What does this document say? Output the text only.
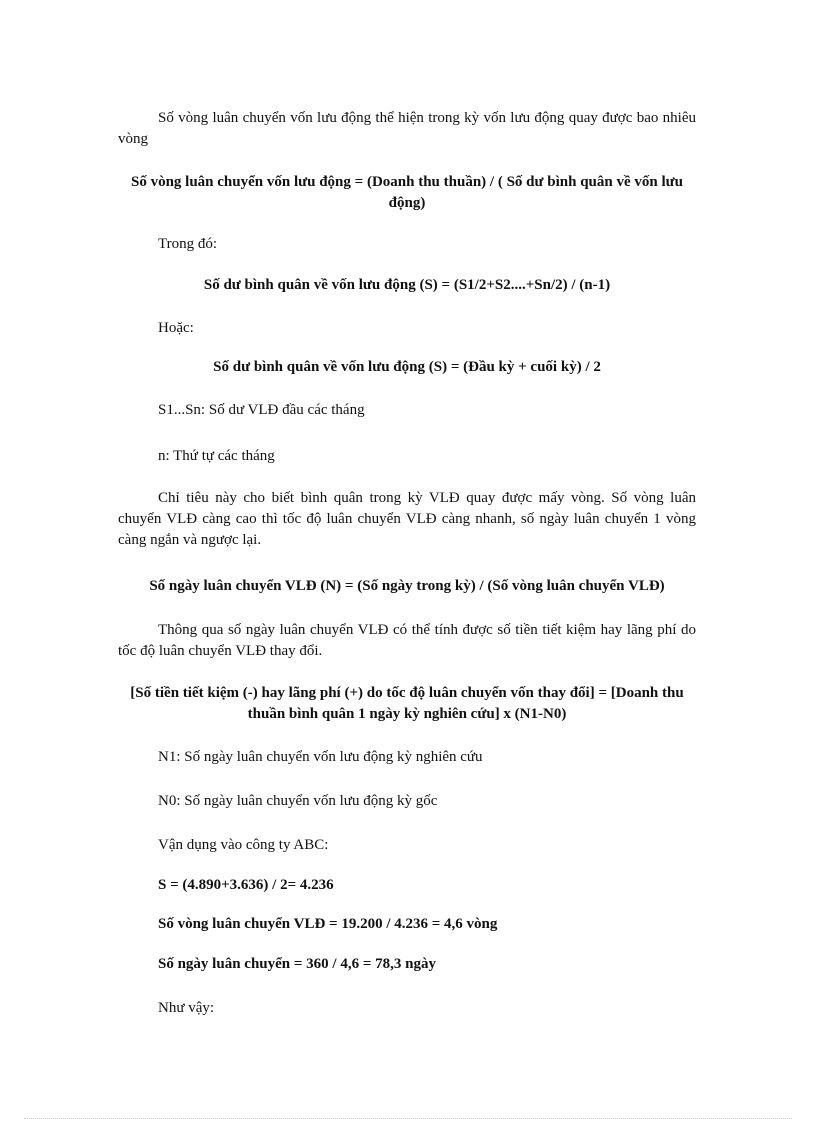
Số vòng luân chuyển vốn lưu động thể hiện trong kỳ vốn lưu động quay được bao nhiêu vòng

Số vòng luân chuyển vốn lưu động = (Doanh thu thuần) / ( Số dư bình quân về vốn lưu động)

Trong đó:

Số dư bình quân về vốn lưu động (S) = (S1/2+S2....+Sn/2) / (n-1)

Hoặc:

Số dư bình quân về vốn lưu động (S) = (Đầu kỳ + cuối kỳ) / 2

S1...Sn: Số dư VLĐ đầu các tháng

n: Thứ tự các tháng

Chỉ tiêu này cho biết bình quân trong kỳ VLĐ quay được mấy vòng. Số vòng luân chuyển VLĐ càng cao thì tốc độ luân chuyển VLĐ càng nhanh, số ngày luân chuyển 1 vòng càng ngắn và ngược lại.

Số ngày luân chuyển VLĐ (N) = (Số ngày trong kỳ) / (Số vòng luân chuyển VLĐ)

Thông qua số ngày luân chuyển VLĐ có thể tính được số tiền tiết kiệm hay lãng phí do tốc độ luân chuyển VLĐ thay đổi.

[Số tiền tiết kiệm (-) hay lãng phí (+) do tốc độ luân chuyển vốn thay đổi] = [Doanh thu thuần bình quân 1 ngày kỳ nghiên cứu] x (N1-N0)

N1: Số ngày luân chuyển vốn lưu động kỳ nghiên cứu

N0: Số ngày luân chuyển vốn lưu động kỳ gốc

Vận dụng vào công ty ABC:

S = (4.890+3.636) / 2= 4.236

Số vòng luân chuyển VLĐ = 19.200 / 4.236 = 4,6 vòng

Số ngày luân chuyển = 360 / 4,6 = 78,3 ngày

Như vậy:
